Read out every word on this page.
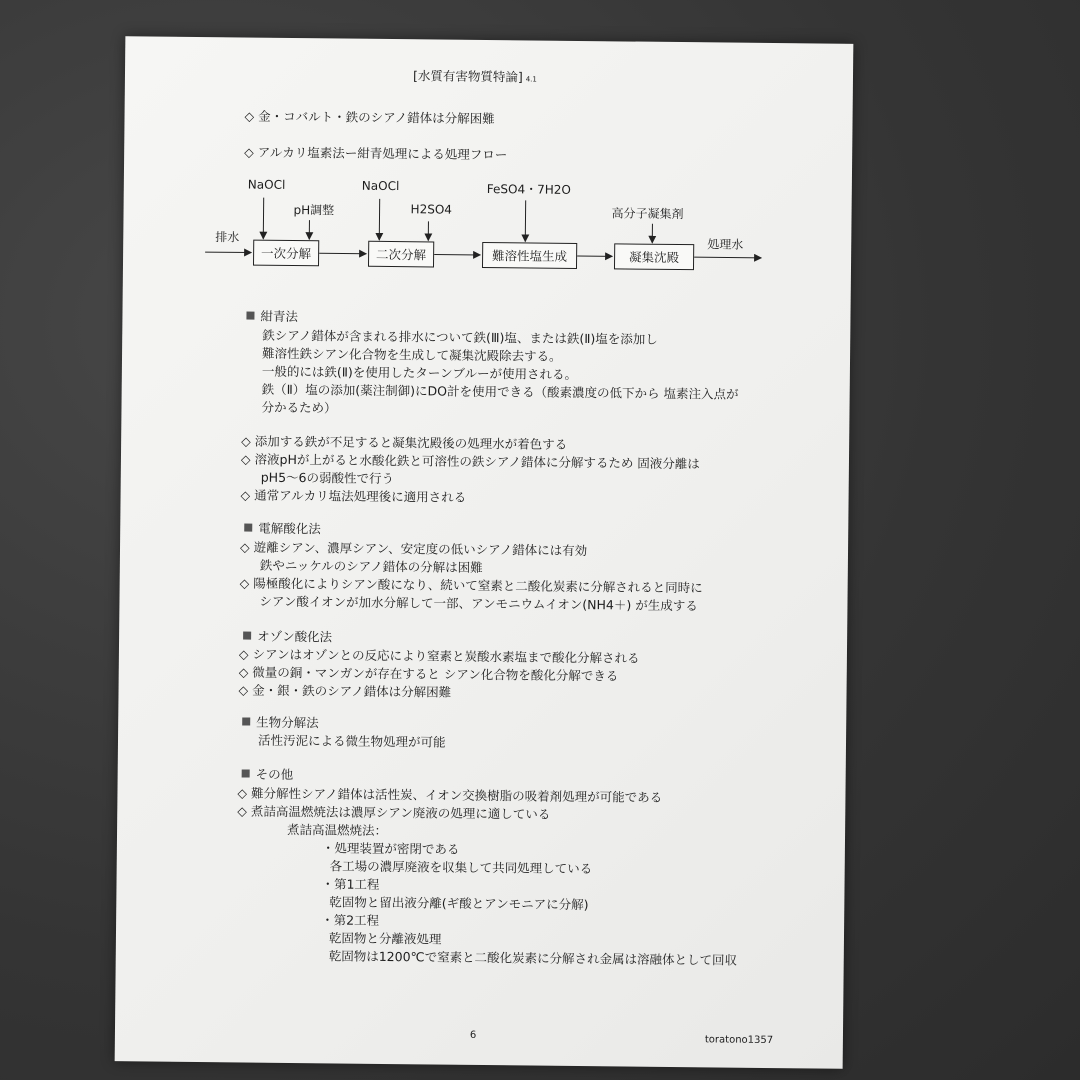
[水質有害物質特論] 4.1
◇ 金・コバルト・鉄のシアノ錯体は分解困難
◇ アルカリ塩素法ー紺青処理による処理フロー
NaOCl
pH調整
NaOCl
H2SO4
FeSO4・7H2O
高分子凝集剤
排水
処理水
一次分解	二次分解	難溶性塩生成	凝集沈殿
紺青法
鉄シアノ錯体が含まれる排水について鉄(Ⅲ)塩、または鉄(Ⅱ)塩を添加し
難溶性鉄シアン化合物を生成して凝集沈殿除去する。
一般的には鉄(Ⅱ)を使用したターンブルーが使用される。
鉄（Ⅱ）塩の添加(薬注制御)にDO計を使用できる（酸素濃度の低下から 塩素注入点が
分かるため）
◇ 添加する鉄が不足すると凝集沈殿後の処理水が着色する
◇ 溶液pHが上がると水酸化鉄と可溶性の鉄シアノ錯体に分解するため 固液分離は
pH5～6の弱酸性で行う
◇ 通常アルカリ塩法処理後に適用される
電解酸化法
◇ 遊離シアン、濃厚シアン、安定度の低いシアノ錯体には有効
鉄やニッケルのシアノ錯体の分解は困難
◇ 陽極酸化によりシアン酸になり、続いて窒素と二酸化炭素に分解されると同時に
シアン酸イオンが加水分解して一部、アンモニウムイオン(NH4＋) が生成する
オゾン酸化法
◇ シアンはオゾンとの反応により窒素と炭酸水素塩まで酸化分解される
◇ 微量の銅・マンガンが存在すると シアン化合物を酸化分解できる
◇ 金・銀・鉄のシアノ錯体は分解困難
生物分解法
活性汚泥による微生物処理が可能
その他
◇ 難分解性シアノ錯体は活性炭、イオン交換樹脂の吸着剤処理が可能である
◇ 煮詰高温燃焼法は濃厚シアン廃液の処理に適している
煮詰高温燃焼法：
・処理装置が密閉である
各工場の濃厚廃液を収集して共同処理している
・第1工程
乾固物と留出液分離(ギ酸とアンモニアに分解)
・第2工程
乾固物と分離液処理
乾固物は1200℃で窒素と二酸化炭素に分解され金属は溶融体として回収
6	toratono1357
